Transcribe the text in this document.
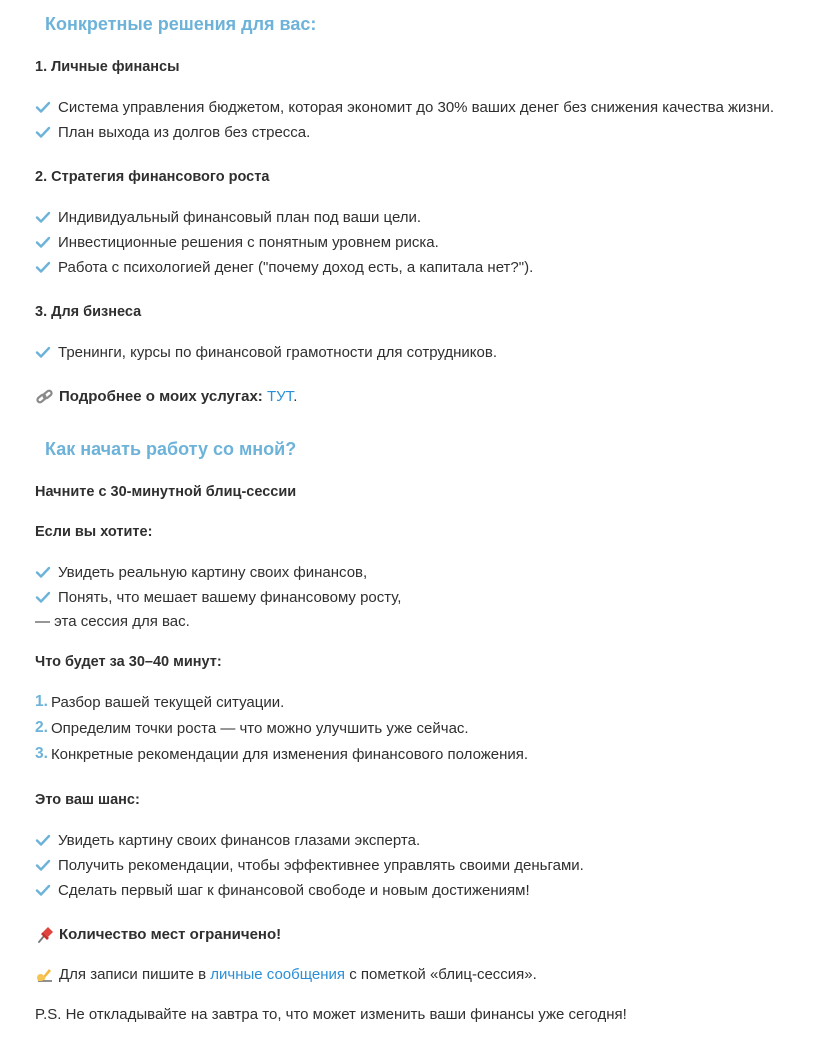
Конкретные решения для вас:
1. Личные финансы
Система управления бюджетом, которая экономит до 30% ваших денег без снижения качества жизни.
План выхода из долгов без стресса.
2. Стратегия финансового роста
Индивидуальный финансовый план под ваши цели.
Инвестиционные решения с понятным уровнем риска.
Работа с психологией денег ("почему доход есть, а капитала нет?").
3. Для бизнеса
Тренинги, курсы по финансовой грамотности для сотрудников.
Подробнее о моих услугах: ТУТ.
Как начать работу со мной?
Начните с 30-минутной блиц-сессии
Если вы хотите:
Увидеть реальную картину своих финансов,
Понять, что мешает вашему финансовому росту,
— эта сессия для вас.
Что будет за 30–40 минут:
1. Разбор вашей текущей ситуации.
2. Определим точки роста — что можно улучшить уже сейчас.
3. Конкретные рекомендации для изменения финансового положения.
Это ваш шанс:
Увидеть картину своих финансов глазами эксперта.
Получить рекомендации, чтобы эффективнее управлять своими деньгами.
Сделать первый шаг к финансовой свободе и новым достижениям!
Количество мест ограничено!
Для записи пишите в личные сообщения с пометкой «блиц-сессия».
P.S. Не откладывайте на завтра то, что может изменить ваши финансы уже сегодня!
